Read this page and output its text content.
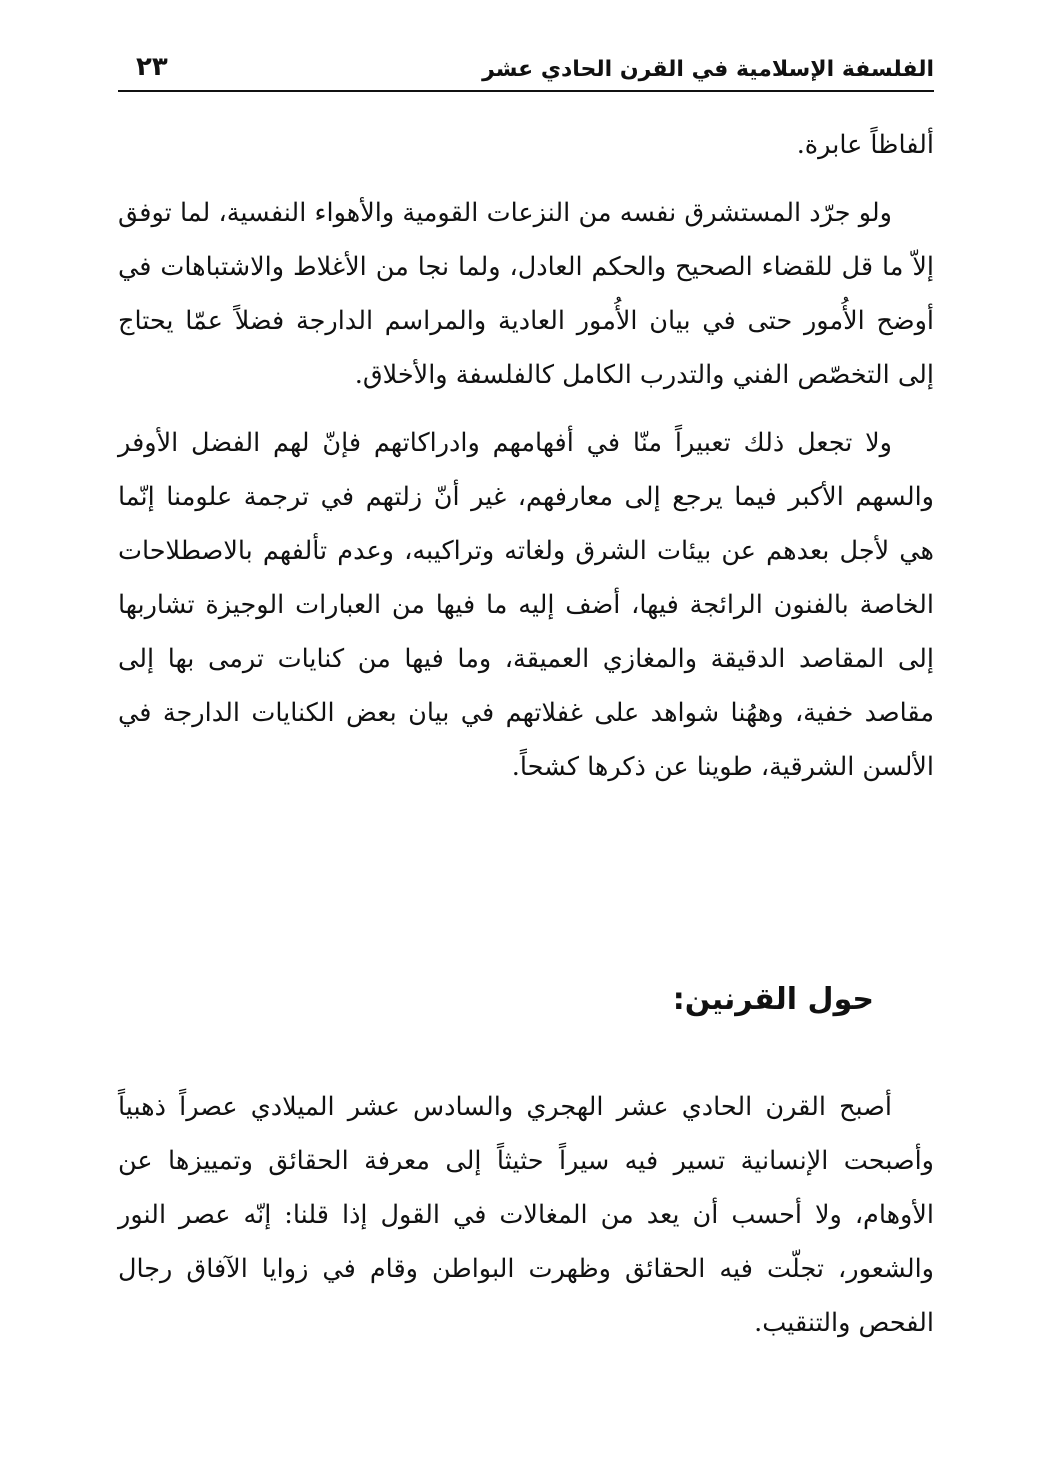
الفلسفة الإسلامية في القرن الحادي عشر
٢٣

ألفاظاً عابرة.

ولو جرّد المستشرق نفسه من النزعات القومية والأهواء النفسية، لما توفق إلاّ ما قل للقضاء الصحيح والحكم العادل، ولما نجا من الأغلاط والاشتباهات في أوضح الأُمور حتى في بيان الأُمور العادية والمراسم الدارجة فضلاً عمّا يحتاج إلى التخصّص الفني والتدرب الكامل كالفلسفة والأخلاق.

ولا تجعل ذلك تعبيراً منّا في أفهامهم وادراكاتهم فإنّ لهم الفضل الأوفر والسهم الأكبر فيما يرجع إلى معارفهم، غير أنّ زلتهم في ترجمة علومنا إنّما هي لأجل بعدهم عن بيئات الشرق ولغاته وتراكيبه، وعدم تألفهم بالاصطلاحات الخاصة بالفنون الرائجة فيها، أضف إليه ما فيها من العبارات الوجيزة تشاربها إلى المقاصد الدقيقة والمغازي العميقة، وما فيها من كنايات ترمى بها إلى مقاصد خفية، وههُنا شواهد على غفلاتهم في بيان بعض الكنايات الدارجة في الألسن الشرقية، طوينا عن ذكرها كشحاً.

حول القرنين:

أصبح القرن الحادي عشر الهجري والسادس عشر الميلادي عصراً ذهبياً وأصبحت الإنسانية تسير فيه سيراً حثيثاً إلى معرفة الحقائق وتمييزها عن الأوهام، ولا أحسب أن يعد من المغالات في القول إذا قلنا: إنّه عصر النور والشعور، تجلّت فيه الحقائق وظهرت البواطن وقام في زوايا الآفاق رجال الفحص والتنقيب.
